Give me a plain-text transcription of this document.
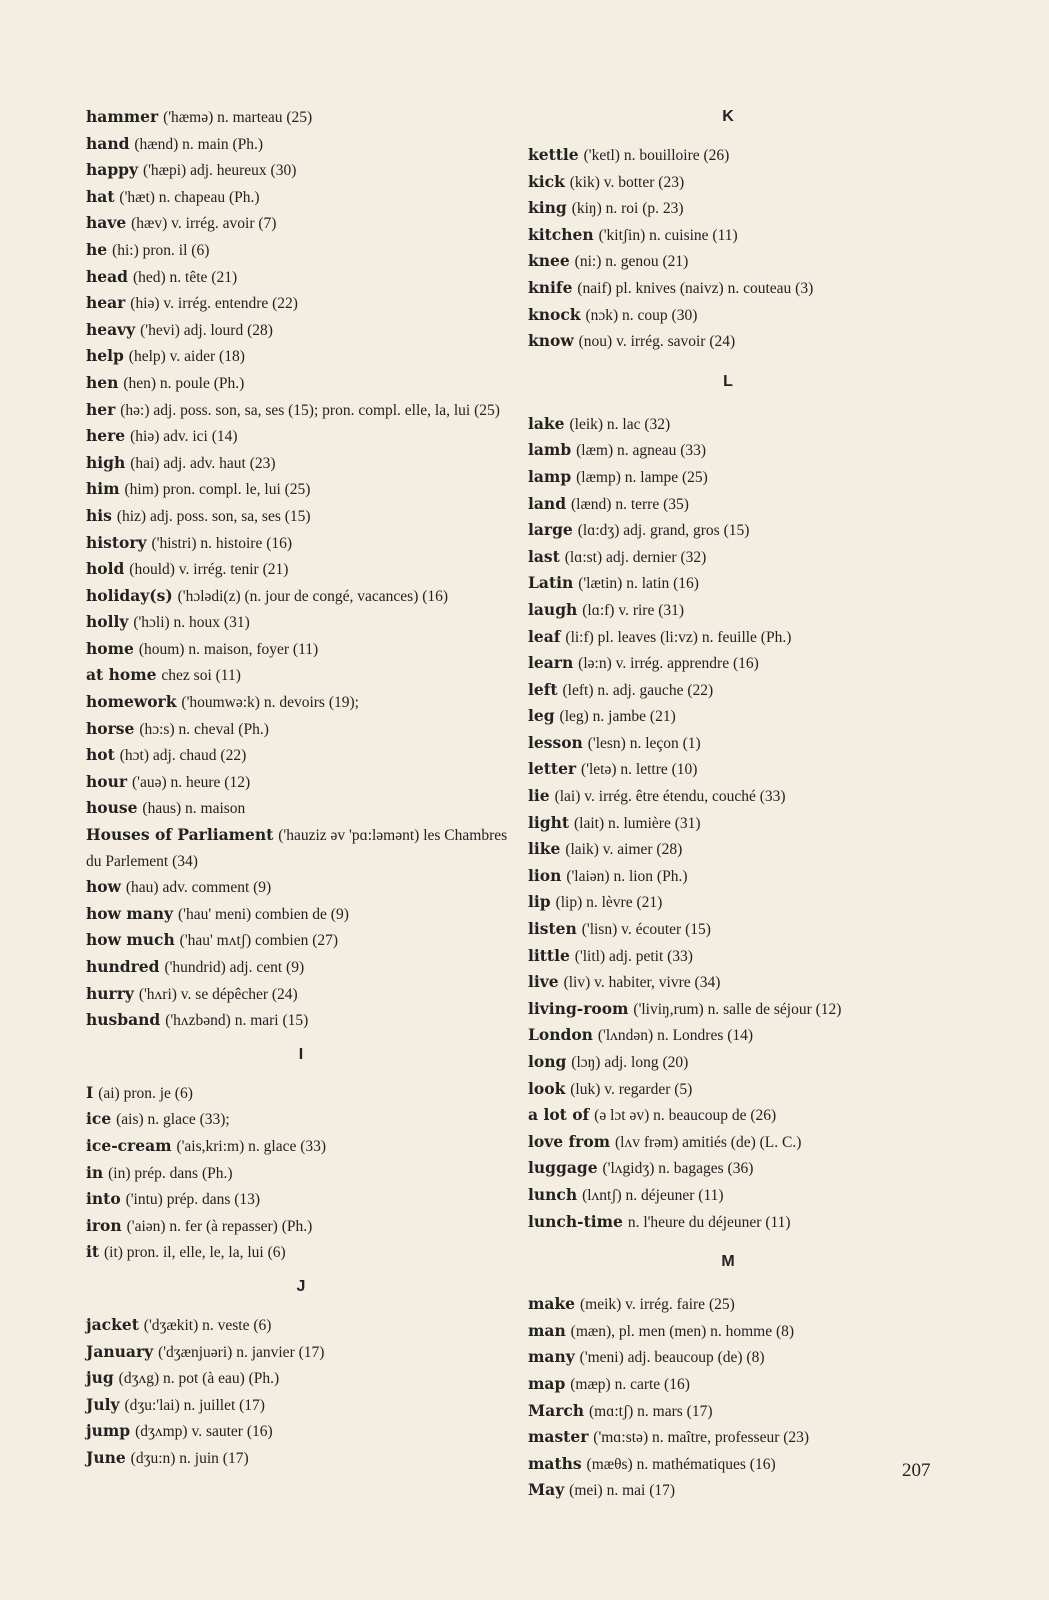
hammer ('hæmə) n. marteau (25)
hand (hænd) n. main (Ph.)
happy ('hæpi) adj. heureux (30)
hat ('hæt) n. chapeau (Ph.)
have (hæv) v. irrég. avoir (7)
he (hi:) pron. il (6)
head (hed) n. tête (21)
hear (hiə) v. irrég. entendre (22)
heavy ('hevi) adj. lourd (28)
help (help) v. aider (18)
hen (hen) n. poule (Ph.)
her (hə:) adj. poss. son, sa, ses (15); pron. compl. elle, la, lui (25)
here (hiə) adv. ici (14)
high (hai) adj. adv. haut (23)
him (him) pron. compl. le, lui (25)
his (hiz) adj. poss. son, sa, ses (15)
history ('histri) n. histoire (16)
hold (hould) v. irrég. tenir (21)
holiday(s) ('hɔlədi(z) (n. jour de congé, vacances) (16)
holly ('hɔli) n. houx (31)
home (houm) n. maison, foyer (11)
at home chez soi (11)
homework ('houmwə:k) n. devoirs (19);
horse (hɔ:s) n. cheval (Ph.)
hot (hɔt) adj. chaud (22)
hour ('auə) n. heure (12)
house (haus) n. maison
Houses of Parliament ('hauziz əv 'pɑ:ləmənt) les Chambres du Parlement (34)
how (hau) adv. comment (9)
how many ('hau' meni) combien de (9)
how much ('hau' mʌtʃ) combien (27)
hundred ('hundrid) adj. cent (9)
hurry ('hʌri) v. se dépêcher (24)
husband ('hʌzbənd) n. mari (15)
I
I (ai) pron. je (6)
ice (ais) n. glace (33);
ice-cream ('ais,kri:m) n. glace (33)
in (in) prép. dans (Ph.)
into ('intu) prép. dans (13)
iron ('aiən) n. fer (à repasser) (Ph.)
it (it) pron. il, elle, le, la, lui (6)
J
jacket ('dʒækit) n. veste (6)
January ('dʒænjuəri) n. janvier (17)
jug (dʒʌg) n. pot (à eau) (Ph.)
July (dʒu:'lai) n. juillet (17)
jump (dʒʌmp) v. sauter (16)
June (dʒu:n) n. juin (17)
K
kettle ('ketl) n. bouilloire (26)
kick (kik) v. botter (23)
king (kiŋ) n. roi (p. 23)
kitchen ('kitʃin) n. cuisine (11)
knee (ni:) n. genou (21)
knife (naif) pl. knives (naivz) n. couteau (3)
knock (nɔk) n. coup (30)
know (nou) v. irrég. savoir (24)
L
lake (leik) n. lac (32)
lamb (læm) n. agneau (33)
lamp (læmp) n. lampe (25)
land (lænd) n. terre (35)
large (lɑ:dʒ) adj. grand, gros (15)
last (lɑ:st) adj. dernier (32)
Latin ('lætin) n. latin (16)
laugh (lɑ:f) v. rire (31)
leaf (li:f) pl. leaves (li:vz) n. feuille (Ph.)
learn (lə:n) v. irrég. apprendre (16)
left (left) n. adj. gauche (22)
leg (leg) n. jambe (21)
lesson ('lesn) n. leçon (1)
letter ('letə) n. lettre (10)
lie (lai) v. irrég. être étendu, couché (33)
light (lait) n. lumière (31)
like (laik) v. aimer (28)
lion ('laiən) n. lion (Ph.)
lip (lip) n. lèvre (21)
listen ('lisn) v. écouter (15)
little ('litl) adj. petit (33)
live (liv) v. habiter, vivre (34)
living-room ('liviŋ,rum) n. salle de séjour (12)
London ('lʌndən) n. Londres (14)
long (lɔŋ) adj. long (20)
look (luk) v. regarder (5)
a lot of (ə lɔt əv) n. beaucoup de (26)
love from (lʌv frəm) amitiés (de) (L. C.)
luggage ('lʌgidʒ) n. bagages (36)
lunch (lʌntʃ) n. déjeuner (11)
lunch-time n. l'heure du déjeuner (11)
M
make (meik) v. irrég. faire (25)
man (mæn), pl. men (men) n. homme (8)
many ('meni) adj. beaucoup (de) (8)
map (mæp) n. carte (16)
March (mɑ:tʃ) n. mars (17)
master ('mɑ:stə) n. maître, professeur (23)
maths (mæθs) n. mathématiques (16)
May (mei) n. mai (17)
207
